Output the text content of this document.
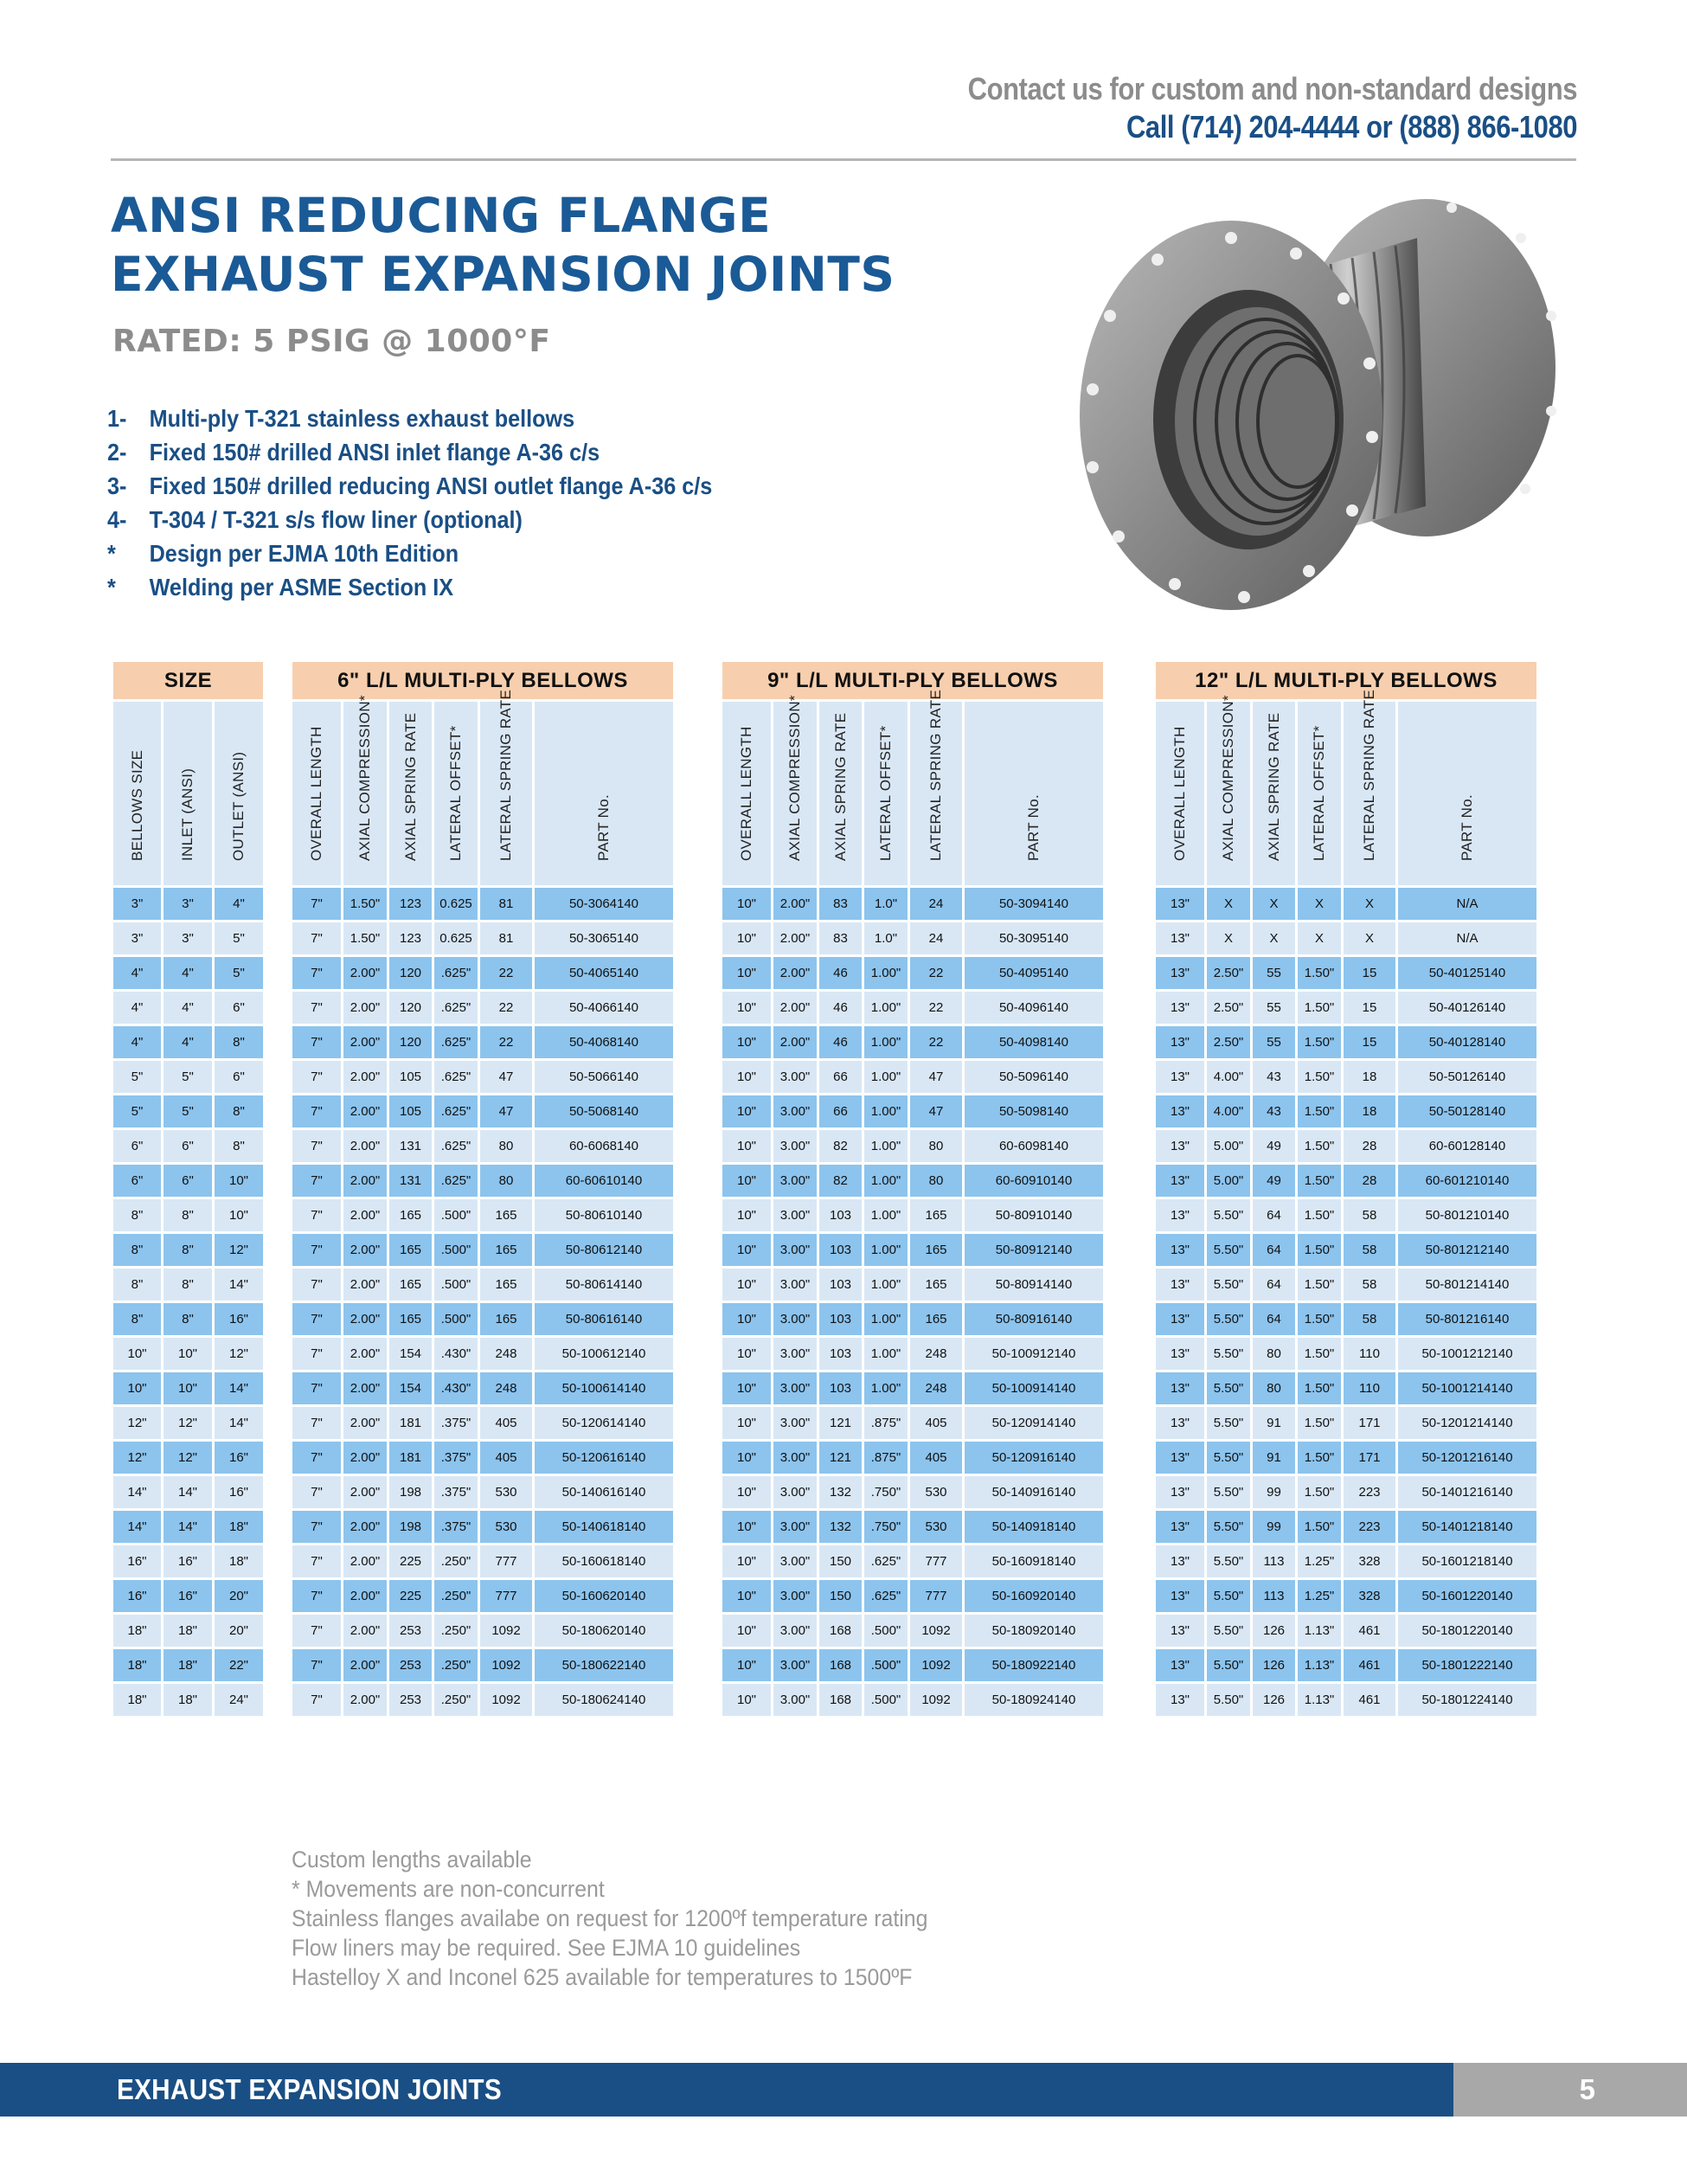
Contact us for custom and non-standard designs
Call (714) 204-4444 or (888) 866-1080
ANSI REDUCING FLANGE
EXHAUST EXPANSION JOINTS
RATED: 5 PSIG @ 1000°F
1- Multi-ply T-321 stainless exhaust bellows
2- Fixed 150# drilled ANSI inlet flange A-36 c/s
3- Fixed 150# drilled reducing ANSI outlet flange A-36 c/s
4- T-304 / T-321 s/s flow liner (optional)
*	Design per EJMA 10th Edition
*	Welding per ASME Section IX
SIZE		

BELLOWS SIZE	INLET (ANSI)	OUTLET (ANSI)

3"	3"	4"
3"	3"	5"
4"	4"	5"
4"	4"	6"
4"	4"	8"
5"	5"	6"
5"	5"	8"
6"	6"	8"
6"	6"	10"
8"	8"	10"
8"	8"	12"
8"	8"	14"
8"	8"	16"
10"	10"	12"
10"	10"	14"
12"	12"	14"
12"	12"	16"
14"	14"	16"
14"	14"	18"
16"	16"	18"
16"	16"	20"
18"	18"	20"
18"	18"	22"
18"	18"	24"
6" L/L MULTI-PLY BELLOWS					

OVERALL LENGTH	AXIAL COMPRESSION*	AXIAL SPRING RATE	LATERAL OFFSET*	LATERAL SPRING RATE	PART No.

7"	1.50"	123	0.625	81	50-3064140
7"	1.50"	123	0.625	81	50-3065140
7"	2.00"	120	.625"	22	50-4065140
7"	2.00"	120	.625"	22	50-4066140
7"	2.00"	120	.625"	22	50-4068140
7"	2.00"	105	.625"	47	50-5066140
7"	2.00"	105	.625"	47	50-5068140
7"	2.00"	131	.625"	80	60-6068140
7"	2.00"	131	.625"	80	60-60610140
7"	2.00"	165	.500"	165	50-80610140
7"	2.00"	165	.500"	165	50-80612140
7"	2.00"	165	.500"	165	50-80614140
7"	2.00"	165	.500"	165	50-80616140
7"	2.00"	154	.430"	248	50-100612140
7"	2.00"	154	.430"	248	50-100614140
7"	2.00"	181	.375"	405	50-120614140
7"	2.00"	181	.375"	405	50-120616140
7"	2.00"	198	.375"	530	50-140616140
7"	2.00"	198	.375"	530	50-140618140
7"	2.00"	225	.250"	777	50-160618140
7"	2.00"	225	.250"	777	50-160620140
7"	2.00"	253	.250"	1092	50-180620140
7"	2.00"	253	.250"	1092	50-180622140
7"	2.00"	253	.250"	1092	50-180624140
9" L/L MULTI-PLY BELLOWS					

OVERALL LENGTH	AXIAL COMPRESSION*	AXIAL SPRING RATE	LATERAL OFFSET*	LATERAL SPRING RATE	PART No.

10"	2.00"	83	1.0"	24	50-3094140
10"	2.00"	83	1.0"	24	50-3095140
10"	2.00"	46	1.00"	22	50-4095140
10"	2.00"	46	1.00"	22	50-4096140
10"	2.00"	46	1.00"	22	50-4098140
10"	3.00"	66	1.00"	47	50-5096140
10"	3.00"	66	1.00"	47	50-5098140
10"	3.00"	82	1.00"	80	60-6098140
10"	3.00"	82	1.00"	80	60-60910140
10"	3.00"	103	1.00"	165	50-80910140
10"	3.00"	103	1.00"	165	50-80912140
10"	3.00"	103	1.00"	165	50-80914140
10"	3.00"	103	1.00"	165	50-80916140
10"	3.00"	103	1.00"	248	50-100912140
10"	3.00"	103	1.00"	248	50-100914140
10"	3.00"	121	.875"	405	50-120914140
10"	3.00"	121	.875"	405	50-120916140
10"	3.00"	132	.750"	530	50-140916140
10"	3.00"	132	.750"	530	50-140918140
10"	3.00"	150	.625"	777	50-160918140
10"	3.00"	150	.625"	777	50-160920140
10"	3.00"	168	.500"	1092	50-180920140
10"	3.00"	168	.500"	1092	50-180922140
10"	3.00"	168	.500"	1092	50-180924140
12" L/L MULTI-PLY BELLOWS					

OVERALL LENGTH	AXIAL COMPRESSION*	AXIAL SPRING RATE	LATERAL OFFSET*	LATERAL SPRING RATE	PART No.

13"	X	X	X	X	N/A
13"	X	X	X	X	N/A
13"	2.50"	55	1.50"	15	50-40125140
13"	2.50"	55	1.50"	15	50-40126140
13"	2.50"	55	1.50"	15	50-40128140
13"	4.00"	43	1.50"	18	50-50126140
13"	4.00"	43	1.50"	18	50-50128140
13"	5.00"	49	1.50"	28	60-60128140
13"	5.00"	49	1.50"	28	60-601210140
13"	5.50"	64	1.50"	58	50-801210140
13"	5.50"	64	1.50"	58	50-801212140
13"	5.50"	64	1.50"	58	50-801214140
13"	5.50"	64	1.50"	58	50-801216140
13"	5.50"	80	1.50"	110	50-1001212140
13"	5.50"	80	1.50"	110	50-1001214140
13"	5.50"	91	1.50"	171	50-1201214140
13"	5.50"	91	1.50"	171	50-1201216140
13"	5.50"	99	1.50"	223	50-1401216140
13"	5.50"	99	1.50"	223	50-1401218140
13"	5.50"	113	1.25"	328	50-1601218140
13"	5.50"	113	1.25"	328	50-1601220140
13"	5.50"	126	1.13"	461	50-1801220140
13"	5.50"	126	1.13"	461	50-1801222140
13"	5.50"	126	1.13"	461	50-1801224140
Custom lengths available
* Movements are non-concurrent
Stainless flanges availabe on request for 1200ºf temperature rating
Flow liners may be required. See EJMA 10 guidelines
Hastelloy X and Inconel 625 available for temperatures to 1500ºF
EXHAUST EXPANSION JOINTS	5
